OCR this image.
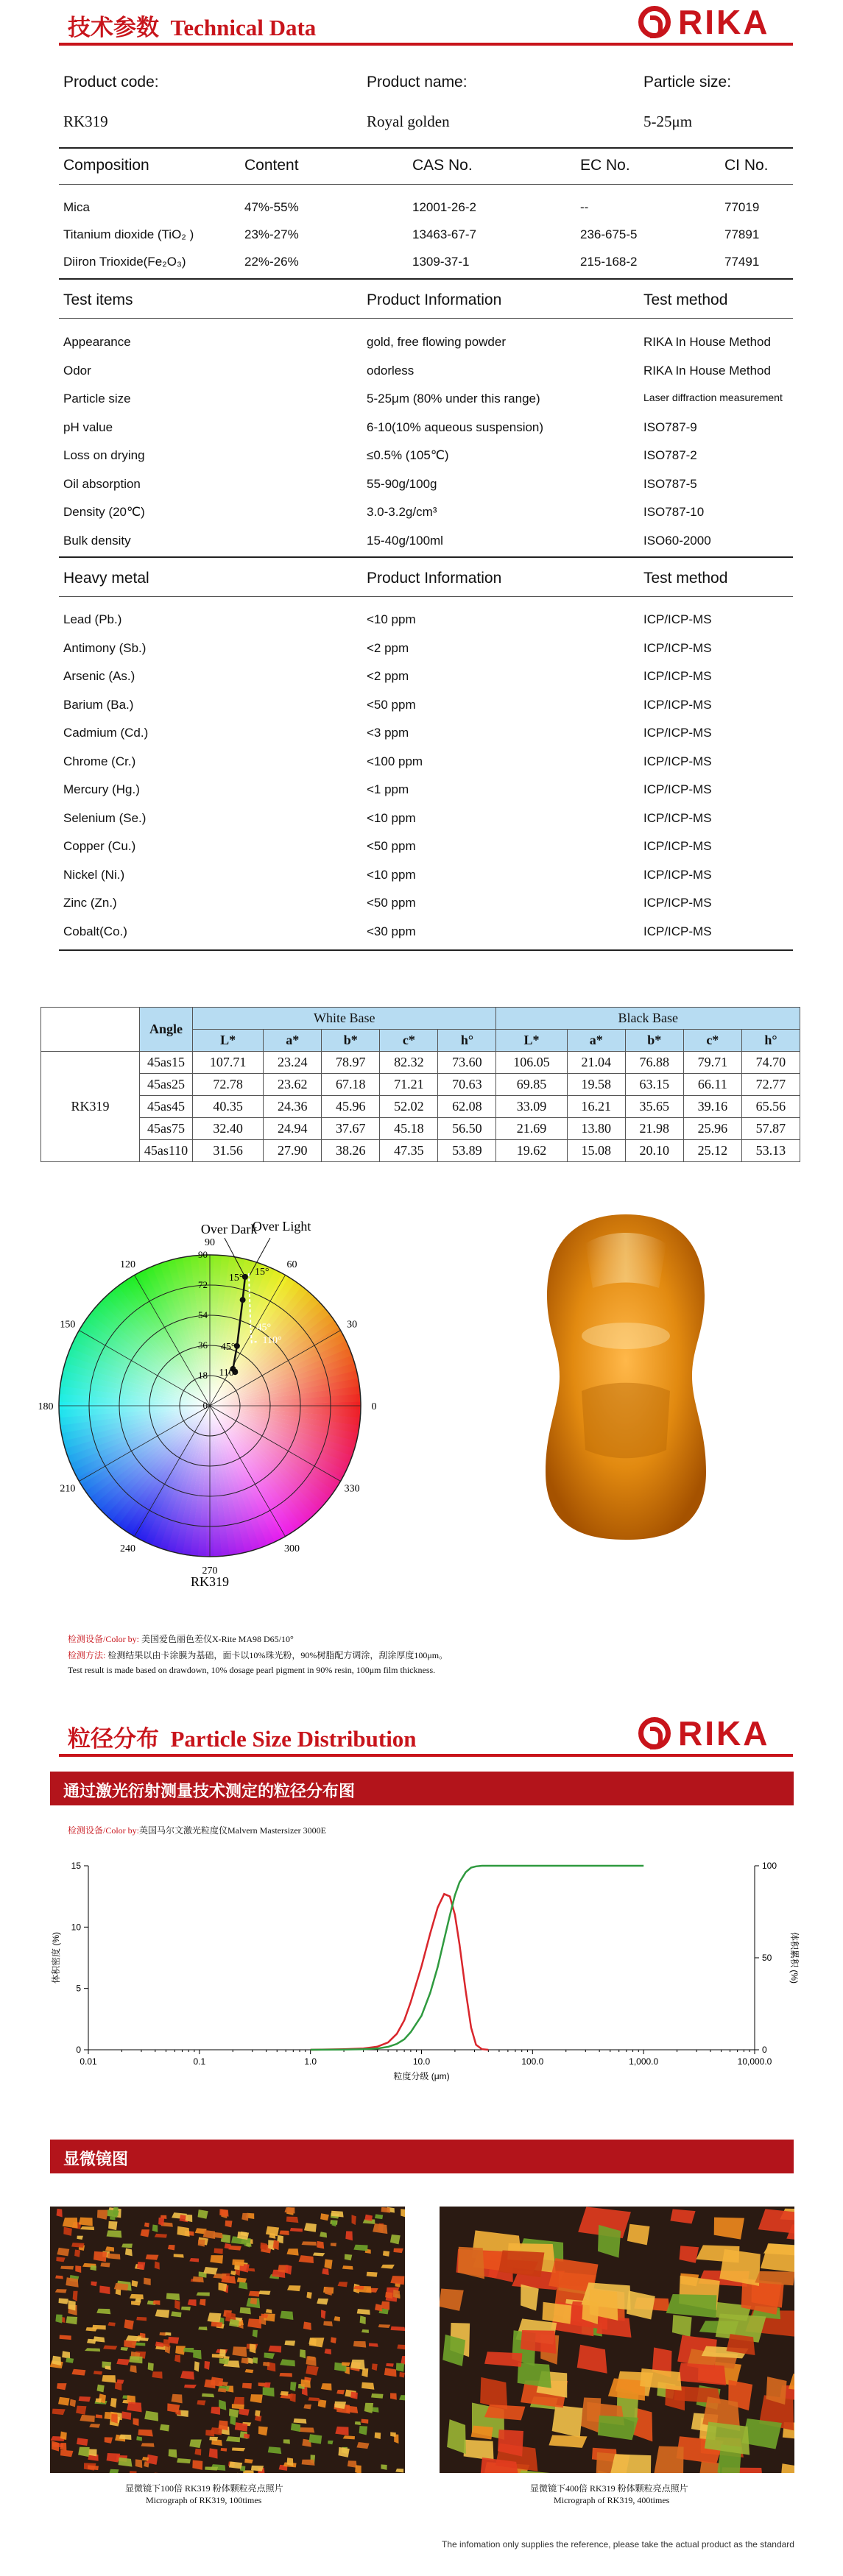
技术参数 Technical Data	RIKA
Product code:	Product name:	Particle size:
RK319	Royal golden	5-25μm
Composition	Content	CAS No.	EC No.	CI No.
Mica	47%-55%	12001-26-2	--	77019
Titanium dioxide (TiO₂ )	23%-27%	13463-67-7	236-675-5	77891
Diiron Trioxide(Fe₂O₃)	22%-26%	1309-37-1	215-168-2	77491
Test items	Product Information	Test method
Appearance	gold, free flowing powder	RIKA In House Method
Odor	odorless	RIKA In House Method
Particle size	5-25μm (80% under this range)	Laser diffraction measurement
pH value	6-10(10% aqueous suspension)	ISO787-9
Loss on drying	≤0.5% (105℃)	ISO787-2
Oil absorption	55-90g/100g	ISO787-5
Density (20℃)	3.0-3.2g/cm³	ISO787-10
Bulk density	15-40g/100ml	ISO60-2000
Heavy metal	Product Information	Test method
Lead (Pb.)	<10 ppm	ICP/ICP-MS
Antimony (Sb.)	<2 ppm	ICP/ICP-MS
Arsenic (As.)	<2 ppm	ICP/ICP-MS
Barium (Ba.)	<50 ppm	ICP/ICP-MS
Cadmium (Cd.)	<3 ppm	ICP/ICP-MS
Chrome (Cr.)	<100 ppm	ICP/ICP-MS
Mercury (Hg.)	<1 ppm	ICP/ICP-MS
Selenium (Se.)	<10 ppm	ICP/ICP-MS
Copper (Cu.)	<50 ppm	ICP/ICP-MS
Nickel (Ni.)	<10 ppm	ICP/ICP-MS
Zinc (Zn.)	<50 ppm	ICP/ICP-MS
Cobalt(Co.)	<30 ppm	ICP/ICP-MS
	Angle	White Base					Black Base				
		L*	a*	b*	c*	h°	L*	a*	b*	c*	h°
RK319	45as15	107.71	23.24	78.97	82.32	73.60	106.05	21.04	76.88	79.71	74.70
	45as25	72.78	23.62	67.18	71.21	70.63	69.85	19.58	63.15	66.11	72.77
	45as45	40.35	24.36	45.96	52.02	62.08	33.09	16.21	35.65	39.16	65.56
	45as75	32.40	24.94	37.67	45.18	56.50	21.69	13.80	21.98	25.96	57.87
	45as110	31.56	27.90	38.26	47.35	53.89	19.62	15.08	20.10	25.12	53.13
0
30
60
90
120
150
180
210
240
270
300
330
0
18
36
54
72
90
15°
45°
110°
15°
45°
110°
Over Dark
Over Light
RK319
检测设备/Color by: 美国爱色丽色差仪X-Rite MA98 D65/10°
检测方法: 检测结果以由卡涂膜为基础，面卡以10%珠光粉，90%树脂配方调涂，刮涂厚度100μm。
Test result is made based on drawdown, 10% dosage pearl pigment in 90% resin, 100μm film thickness.
粒径分布 Particle Size Distribution	RIKA
通过激光衍射测量技术测定的粒径分布图
检测设备/Color by:英国马尔文激光粒度仪Malvern Mastersizer 3000E
0.01	0.1	1.0	10.0	100.0	1,000.0	10,000.0
0
5
10
15
0
50
100
粒度分级 (μm)
体积密度 (%)	体积累积 (%)
显微镜图
显微镜下100倍 RK319 粉体颗粒亮点照片
Micrograph of RK319, 100times
显微镜下400倍 RK319 粉体颗粒亮点照片
Micrograph of RK319, 400times
The infomation only supplies the reference, please take the actual product as the standard
